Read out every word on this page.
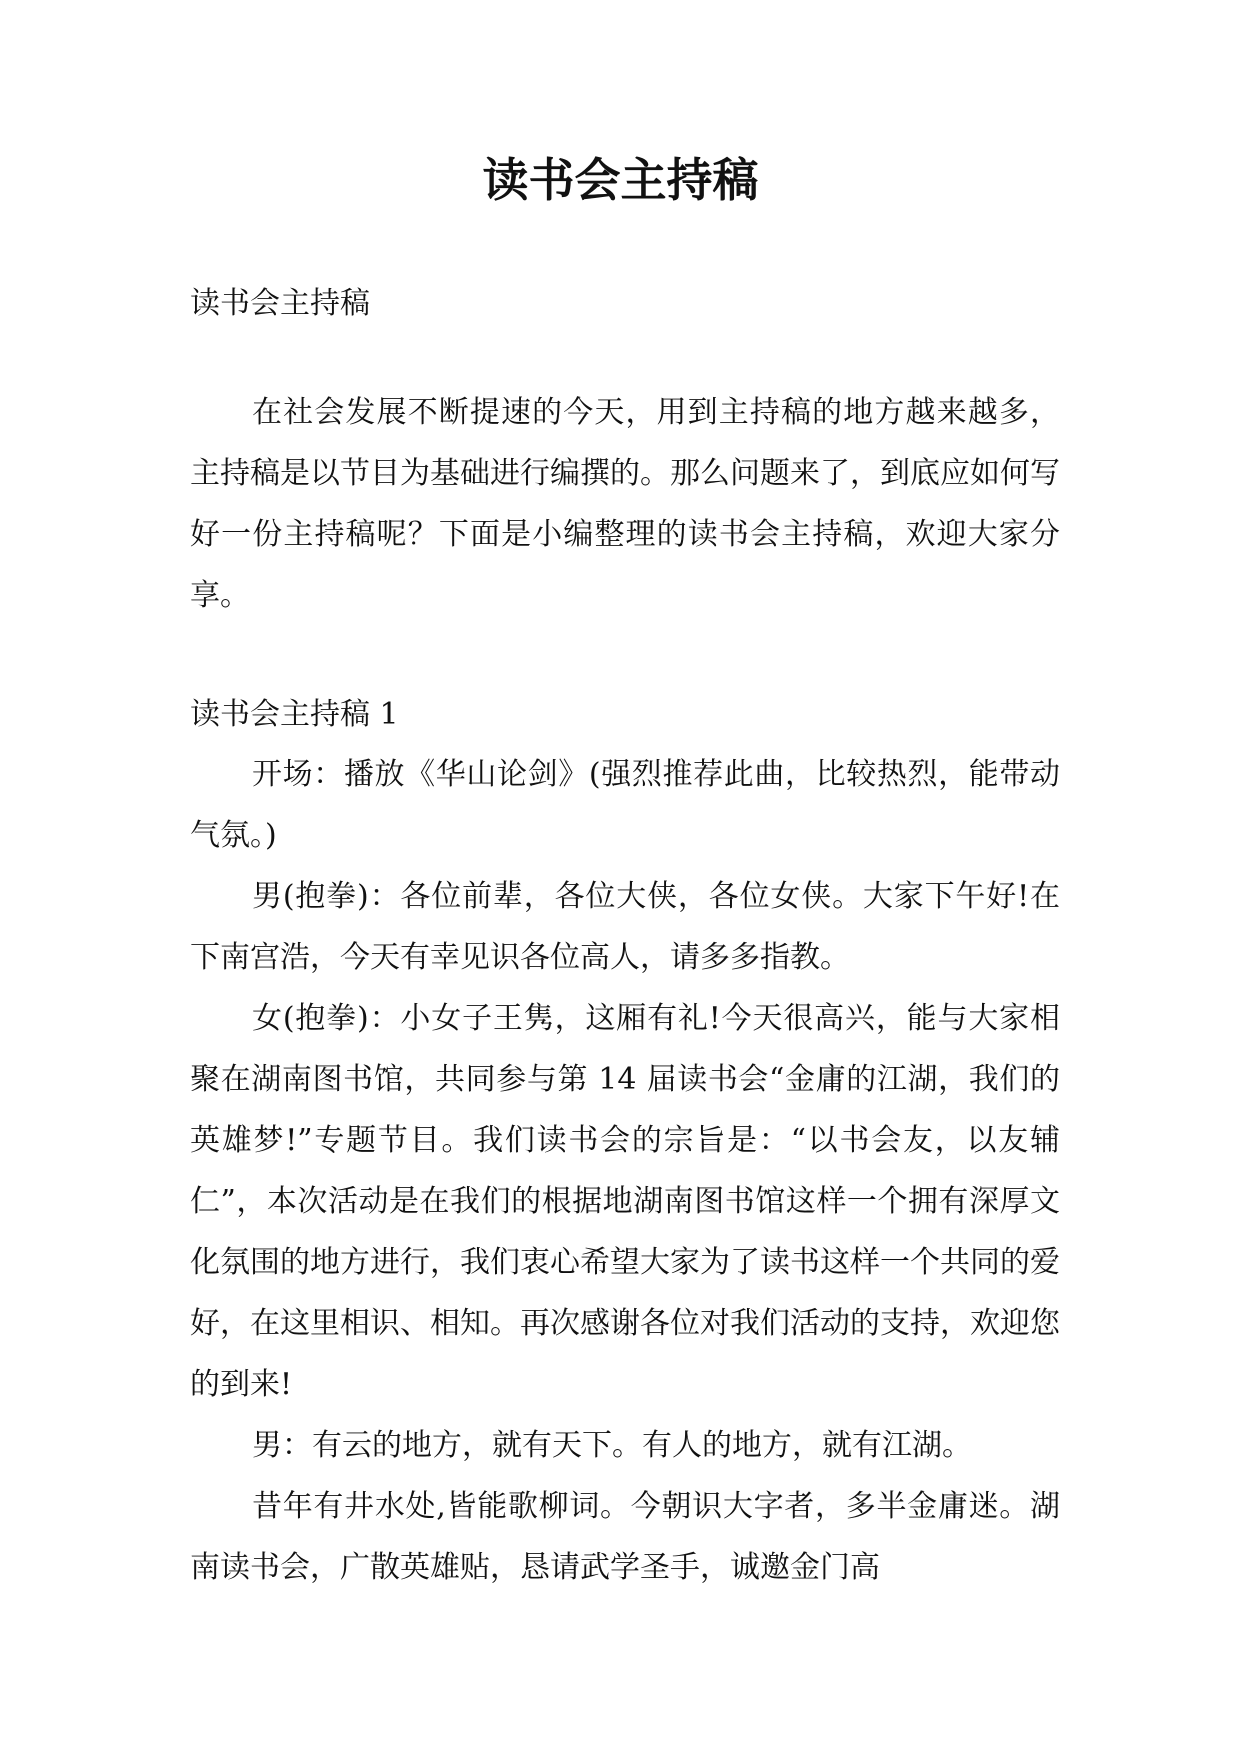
读书会主持稿

读书会主持稿

在社会发展不断提速的今天，用到主持稿的地方越来越多，主持稿是以节目为基础进行编撰的。那么问题来了，到底应如何写好一份主持稿呢？下面是小编整理的读书会主持稿，欢迎大家分享。

读书会主持稿 1

开场：播放《华山论剑》(强烈推荐此曲，比较热烈，能带动气氛。)

男(抱拳)：各位前辈，各位大侠，各位女侠。大家下午好!在下南宫浩，今天有幸见识各位高人，请多多指教。

女(抱拳)：小女子王隽，这厢有礼!今天很高兴，能与大家相聚在湖南图书馆，共同参与第 14 届读书会“金庸的江湖，我们的英雄梦!”专题节目。我们读书会的宗旨是：“以书会友，以友辅仁”，本次活动是在我们的根据地湖南图书馆这样一个拥有深厚文化氛围的地方进行，我们衷心希望大家为了读书这样一个共同的爱好，在这里相识、相知。再次感谢各位对我们活动的支持，欢迎您的到来!

男：有云的地方，就有天下。有人的地方，就有江湖。

昔年有井水处,皆能歌柳词。今朝识大字者，多半金庸迷。湖南读书会，广散英雄贴，恳请武学圣手，诚邀金门高
